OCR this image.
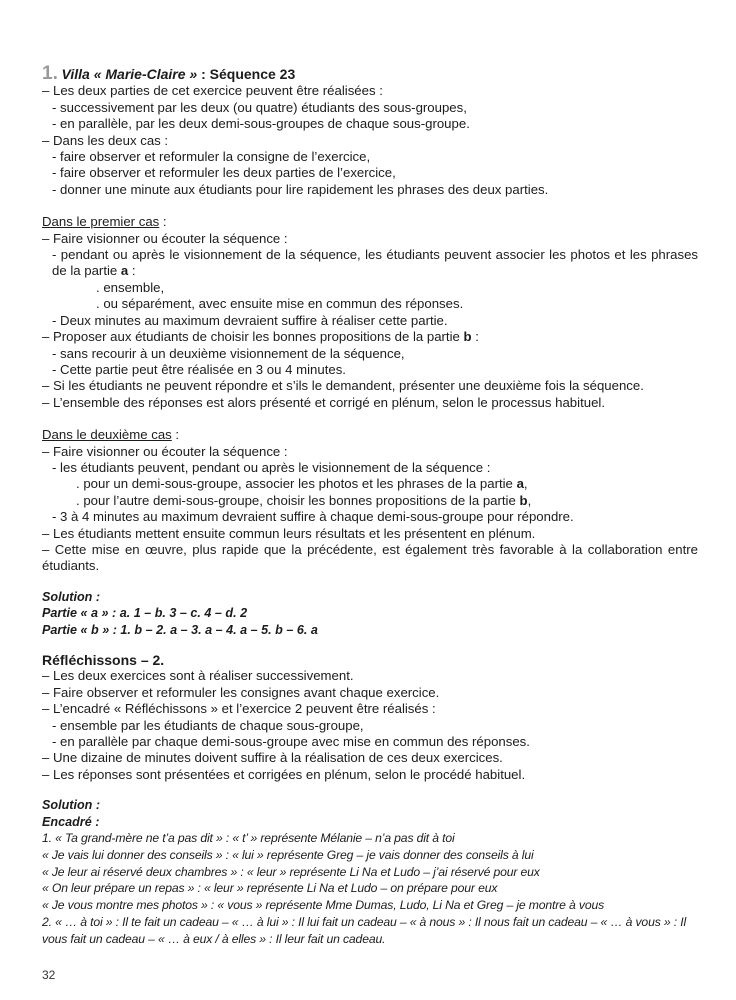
1. Villa « Marie-Claire » : Séquence 23

– Les deux parties de cet exercice peuvent être réalisées :

- successivement par les deux (ou quatre) étudiants des sous-groupes,

- en parallèle, par les deux demi-sous-groupes de chaque sous-groupe.

– Dans les deux cas :

- faire observer et reformuler la consigne de l’exercice,

- faire observer et reformuler les deux parties de l’exercice,

- donner une minute aux étudiants pour lire rapidement les phrases des deux parties.

Dans le premier cas :

– Faire visionner ou écouter la séquence :

- pendant ou après le visionnement de la séquence, les étudiants peuvent associer les photos et les phrases de la partie a :

. ensemble,

. ou séparément, avec ensuite mise en commun des réponses.

- Deux minutes au maximum devraient suffire à réaliser cette partie.

– Proposer aux étudiants de choisir les bonnes propositions de la partie b :

- sans recourir à un deuxième visionnement de la séquence,

- Cette partie peut être réalisée en 3 ou 4 minutes.

– Si les étudiants ne peuvent répondre et s’ils le demandent, présenter une deuxième fois la séquence.

– L’ensemble des réponses est alors présenté et corrigé en plénum, selon le processus habituel.

Dans le deuxième cas :

– Faire visionner ou écouter la séquence :

- les étudiants peuvent, pendant ou après le visionnement de la séquence :

. pour un demi-sous-groupe, associer les photos et les phrases de la partie a,

. pour l’autre demi-sous-groupe, choisir les bonnes propositions de la partie b,

- 3 à 4 minutes au maximum devraient suffire à chaque demi-sous-groupe pour répondre.

– Les étudiants mettent ensuite commun leurs résultats et les présentent en plénum.

– Cette mise en œuvre, plus rapide que la précédente, est également très favorable à la collaboration entre étudiants.

Solution :

Partie « a » : a. 1 – b. 3 – c. 4 – d. 2

Partie « b » : 1. b – 2. a – 3. a – 4. a – 5. b – 6. a

Réfléchissons – 2.

– Les deux exercices sont à réaliser successivement.

– Faire observer et reformuler les consignes avant chaque exercice.

– L’encadré « Réfléchissons » et l’exercice 2 peuvent être réalisés :

- ensemble par les étudiants de chaque sous-groupe,

- en parallèle par chaque demi-sous-groupe avec mise en commun des réponses.

– Une dizaine de minutes doivent suffire à la réalisation de ces deux exercices.

– Les réponses sont présentées et corrigées en plénum, selon le procédé habituel.

Solution :

Encadré :

1. « Ta grand-mère ne t’a pas dit » : « t’ » représente Mélanie – n’a pas dit à toi

« Je vais lui donner des conseils » : « lui » représente Greg – je vais donner des conseils à lui

« Je leur ai réservé deux chambres » : « leur » représente Li Na et Ludo – j’ai réservé pour eux

« On leur prépare un repas » : « leur » représente Li Na et Ludo – on prépare pour eux

« Je vous montre mes photos » : « vous » représente Mme Dumas, Ludo, Li Na et Greg – je montre à vous

2. « … à toi » : Il te fait un cadeau – « … à lui » : Il lui fait un cadeau – « à nous » : Il nous fait un cadeau – « … à vous » : Il vous fait un cadeau – « … à eux / à elles » : Il leur fait un cadeau.

32
